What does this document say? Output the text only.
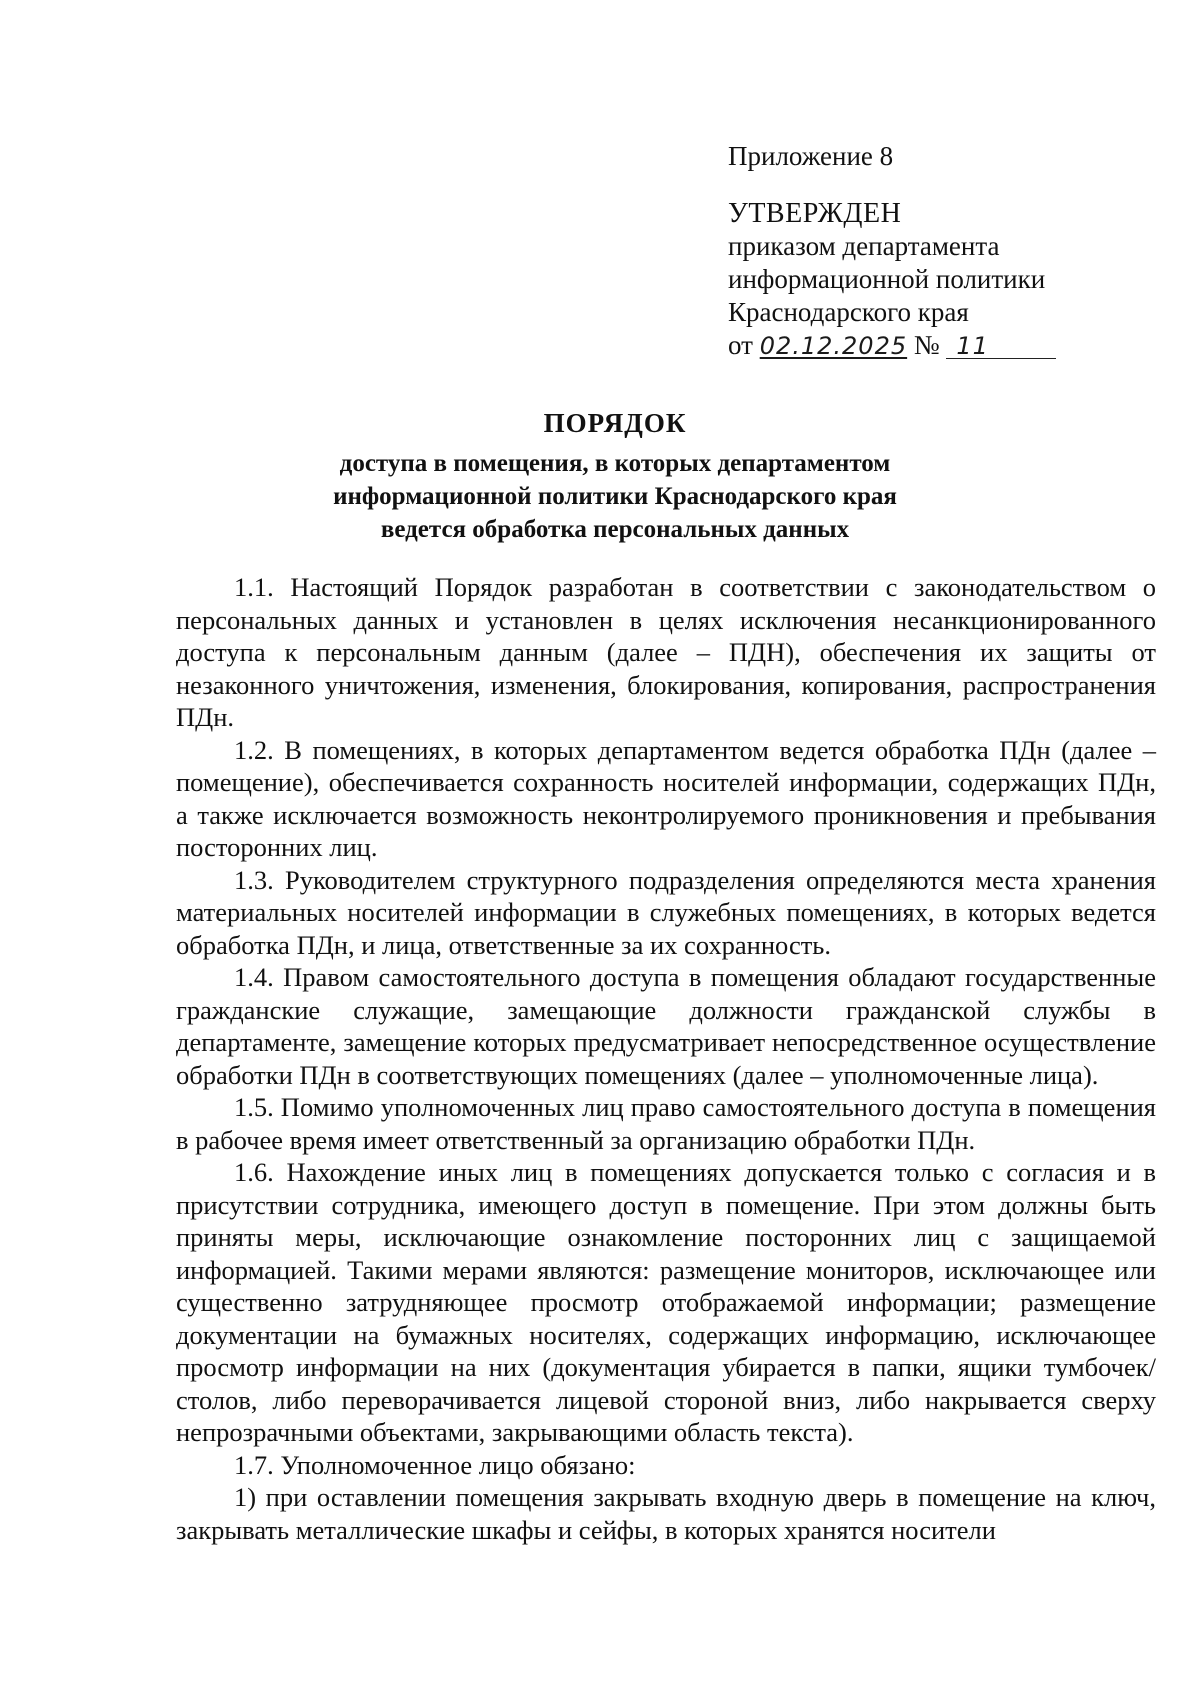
Приложение 8
УТВЕРЖДЕН
приказом департамента
информационной политики
Краснодарского края
от 02.12.2025 № 11
ПОРЯДОК
доступа в помещения, в которых департаментом
информационной политики Краснодарского края
ведется обработка персональных данных

1.1. Настоящий Порядок разработан в соответствии с законодательством о персональных данных и установлен в целях исключения несанкционированного доступа к персональным данным (далее – ПДН), обеспечения их защиты от незаконного уничтожения, изменения, блокирования, копирования, распространения ПДн.

1.2. В помещениях, в которых департаментом ведется обработка ПДн (далее – помещение), обеспечивается сохранность носителей информации, содержащих ПДн, а также исключается возможность неконтролируемого проникновения и пребывания посторонних лиц.

1.3. Руководителем структурного подразделения определяются места хранения материальных носителей информации в служебных помещениях, в которых ведется обработка ПДн, и лица, ответственные за их сохранность.

1.4. Правом самостоятельного доступа в помещения обладают государственные гражданские служащие, замещающие должности гражданской службы в департаменте, замещение которых предусматривает непосредственное осуществление обработки ПДн в соответствующих помещениях (далее – уполномоченные лица).

1.5. Помимо уполномоченных лиц право самостоятельного доступа в помещения в рабочее время имеет ответственный за организацию обработки ПДн.

1.6. Нахождение иных лиц в помещениях допускается только с согласия и в присутствии сотрудника, имеющего доступ в помещение. При этом должны быть приняты меры, исключающие ознакомление посторонних лиц с защищаемой информацией. Такими мерами являются: размещение мониторов, исключающее или существенно затрудняющее просмотр отображаемой информации; размещение документации на бумажных носителях, содержащих информацию, исключающее просмотр информации на них (документация убирается в папки, ящики тумбочек/столов, либо переворачивается лицевой стороной вниз, либо накрывается сверху непрозрачными объектами, закрывающими область текста).

1.7. Уполномоченное лицо обязано:

1) при оставлении помещения закрывать входную дверь в помещение на ключ, закрывать металлические шкафы и сейфы, в которых хранятся носители
